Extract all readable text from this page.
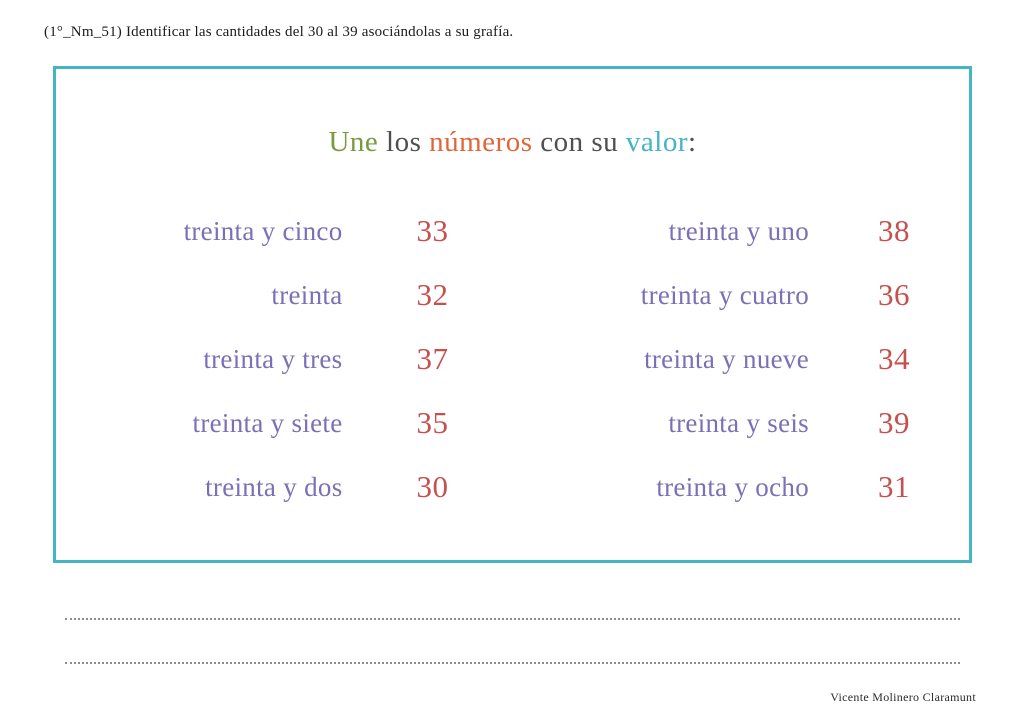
(1°_Nm_51) Identificar las cantidades del 30 al 39 asociándolas a su grafía.
Une los números con su valor:
treinta y cinco	33
treinta	32
treinta y tres	37
treinta y siete	35
treinta y dos	30
treinta y uno	38
treinta y cuatro	36
treinta y nueve	34
treinta y seis	39
treinta y ocho	31
Vicente Molinero Claramunt
